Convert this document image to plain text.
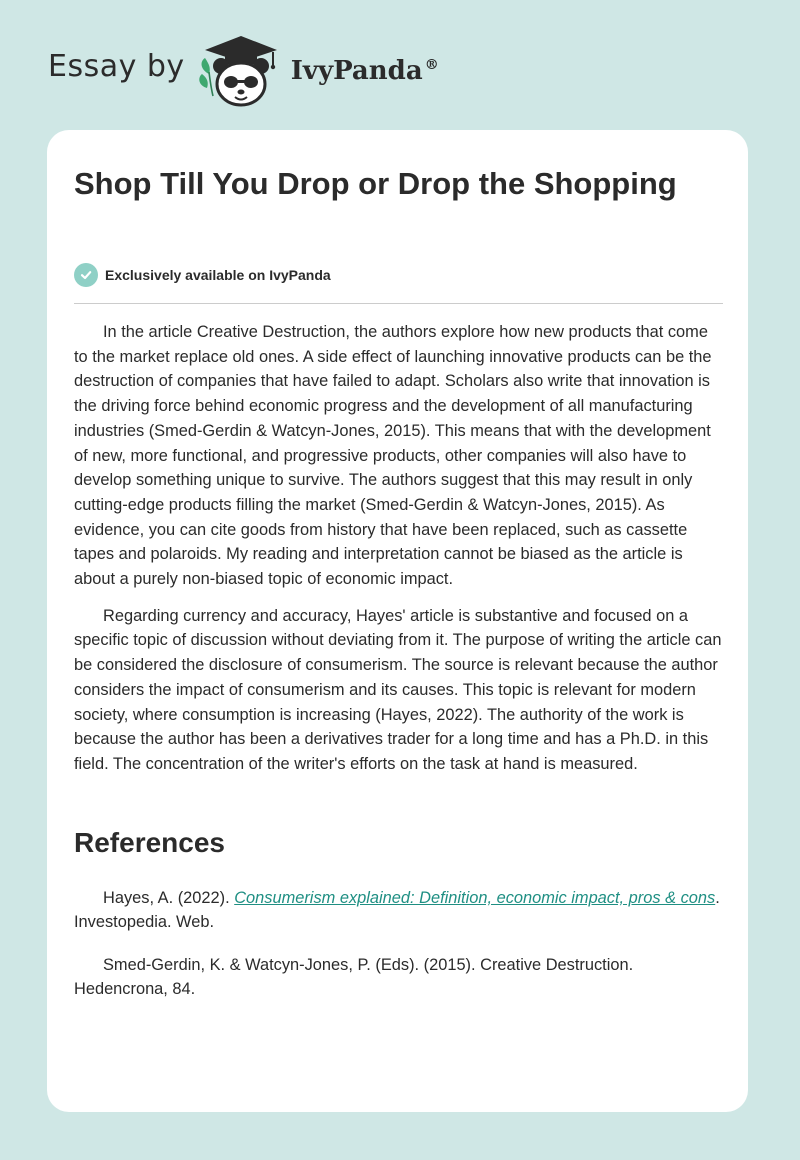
Essay by	IvyPanda ®
Shop Till You Drop or Drop the Shopping
Exclusively available on IvyPanda

In the article Creative Destruction, the authors explore how new products that come to the market replace old ones. A side effect of launching innovative products can be the destruction of companies that have failed to adapt. Scholars also write that innovation is the driving force behind economic progress and the development of all manufacturing industries (Smed-Gerdin & Watcyn-Jones, 2015). This means that with the development of new, more functional, and progressive products, other companies will also have to develop something unique to survive. The authors suggest that this may result in only cutting-edge products filling the market (Smed-Gerdin & Watcyn-Jones, 2015). As evidence, you can cite goods from history that have been replaced, such as cassette tapes and polaroids. My reading and interpretation cannot be biased as the article is about a purely non-biased topic of economic impact.

Regarding currency and accuracy, Hayes' article is substantive and focused on a specific topic of discussion without deviating from it. The purpose of writing the article can be considered the disclosure of consumerism. The source is relevant because the author considers the impact of consumerism and its causes. This topic is relevant for modern society, where consumption is increasing (Hayes, 2022). The authority of the work is because the author has been a derivatives trader for a long time and has a Ph.D. in this field. The concentration of the writer's efforts on the task at hand is measured.

References

Hayes, A. (2022). Consumerism explained: Definition, economic impact, pros & cons. Investopedia. Web.

Smed-Gerdin, K. & Watcyn-Jones, P. (Eds). (2015). Creative Destruction. Hedencrona, 84.
